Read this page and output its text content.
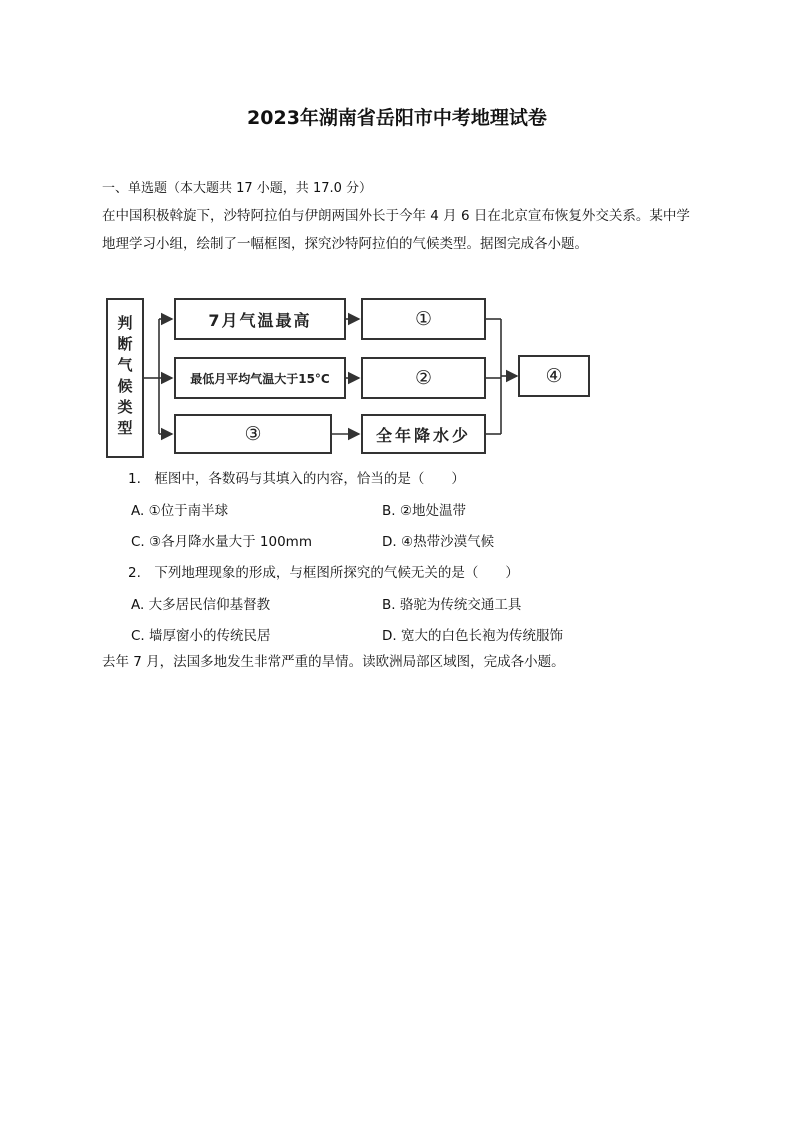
2023年湖南省岳阳市中考地理试卷
一、单选题（本大题共 17 小题，共 17.0 分）
在中国积极斡旋下，沙特阿拉伯与伊朗两国外长于今年 4 月 6 日在北京宣布恢复外交关系。某中学地理学习小组，绘制了一幅框图，探究沙特阿拉伯的气候类型。据图完成各小题。
判断气候类型	7月气温最高
最低月平均气温大于15°C
③
①
②
全年降水少
④
1.　框图中，各数码与其填入的内容，恰当的是（　　）
A. ①位于南半球	B. ②地处温带
C. ③各月降水量大于 100mm	D. ④热带沙漠气候
2.　下列地理现象的形成，与框图所探究的气候无关的是（　　）
A. 大多居民信仰基督教	B. 骆驼为传统交通工具
C. 墙厚窗小的传统民居	D. 宽大的白色长袍为传统服饰
去年 7 月，法国多地发生非常严重的旱情。读欧洲局部区域图，完成各小题。
